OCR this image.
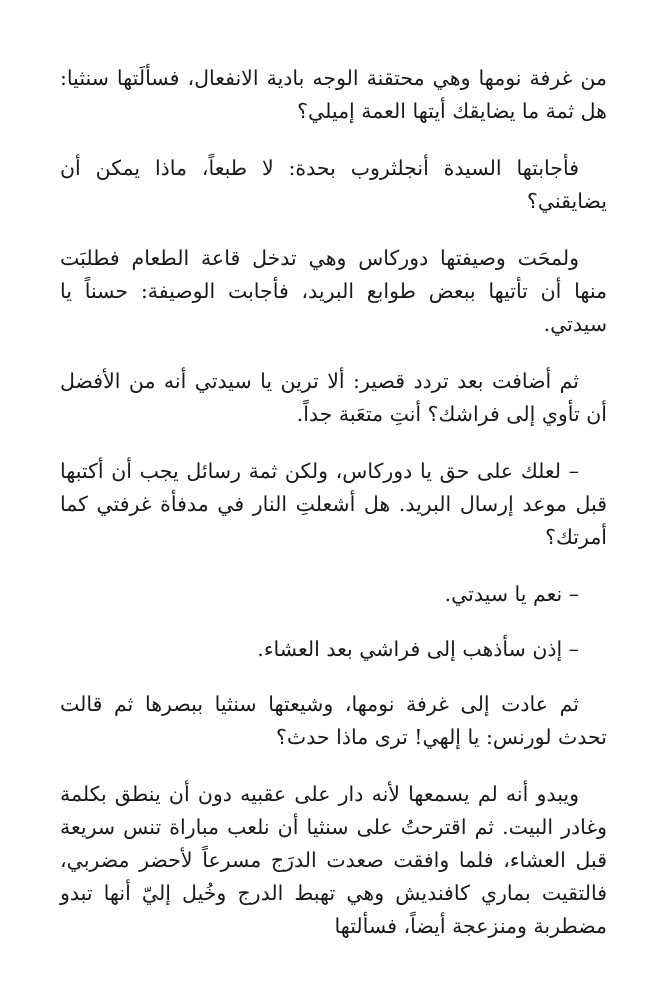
من غرفة نومها وهي محتقنة الوجه بادية الانفعال، فسألَتها سنثيا: هل ثمة ما يضايقك أيتها العمة إميلي؟

فأجابتها السيدة أنجلثروب بحدة: لا طبعاً، ماذا يمكن أن يضايقني؟

ولمحَت وصيفتها دوركاس وهي تدخل قاعة الطعام فطلبَت منها أن تأتيها ببعض طوابع البريد، فأجابت الوصيفة: حسناً يا سيدتي.

ثم أضافت بعد تردد قصير: ألا ترين يا سيدتي أنه من الأفضل أن تأوي إلى فراشك؟ أنتِ متعَبة جداً.

– لعلك على حق يا دوركاس، ولكن ثمة رسائل يجب أن أكتبها قبل موعد إرسال البريد. هل أشعلتِ النار في مدفأة غرفتي كما أمرتك؟

– نعم يا سيدتي.

– إذن سأذهب إلى فراشي بعد العشاء.

ثم عادت إلى غرفة نومها، وشيعتها سنثيا ببصرها ثم قالت تحدث لورنس: يا إلهي! ترى ماذا حدث؟

ويبدو أنه لم يسمعها لأنه دار على عقبيه دون أن ينطق بكلمة وغادر البيت. ثم اقترحتُ على سنثيا أن نلعب مباراة تنس سريعة قبل العشاء، فلما وافقت صعدت الدرَج مسرعاً لأحضر مضربي، فالتقيت بماري كافنديش وهي تهبط الدرج وخُيل إليّ أنها تبدو مضطربة ومنزعجة أيضاً، فسألتها
